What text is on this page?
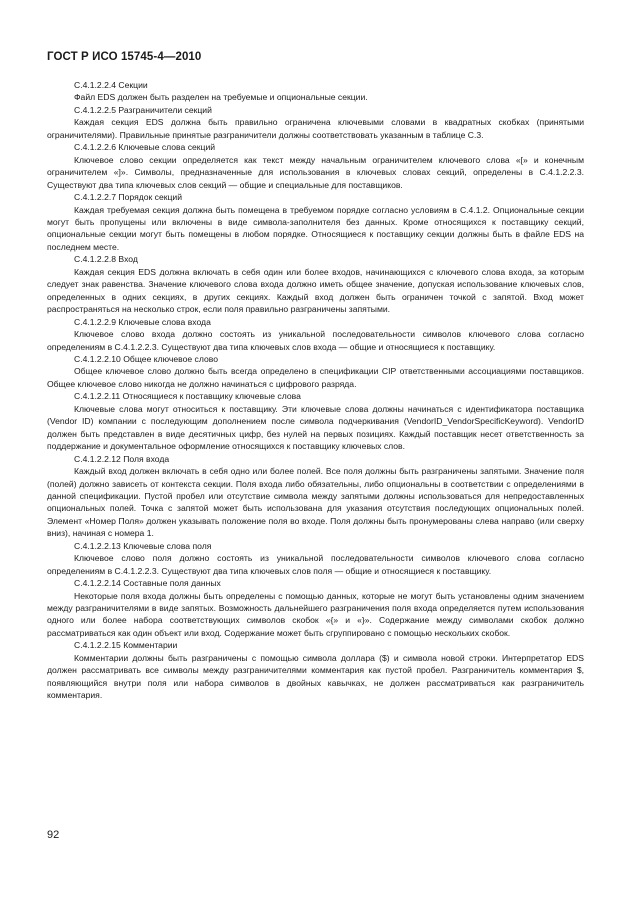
ГОСТ Р ИСО 15745-4—2010
C.4.1.2.2.4 Секции
Файл EDS должен быть разделен на требуемые и опциональные секции.
C.4.1.2.2.5 Разграничители секций
Каждая секция EDS должна быть правильно ограничена ключевыми словами в квадратных скобках (принятыми ограничителями). Правильные принятые разграничители должны соответствовать указанным в таблице C.3.
C.4.1.2.2.6 Ключевые слова секций
Ключевое слово секции определяется как текст между начальным ограничителем ключевого слова «[» и конечным ограничителем «]». Символы, предназначенные для использования в ключевых словах секций, определены в C.4.1.2.2.3. Существуют два типа ключевых слов секций — общие и специальные для поставщиков.
C.4.1.2.2.7 Порядок секций
Каждая требуемая секция должна быть помещена в требуемом порядке согласно условиям в C.4.1.2. Опциональные секции могут быть пропущены или включены в виде символа-заполнителя без данных. Кроме относящихся к поставщику секций, опциональные секции могут быть помещены в любом порядке. Относящиеся к поставщику секции должны быть в файле EDS на последнем месте.
C.4.1.2.2.8 Вход
Каждая секция EDS должна включать в себя один или более входов, начинающихся с ключевого слова входа, за которым следует знак равенства. Значение ключевого слова входа должно иметь общее значение, допуская использование ключевых слов, определенных в одних секциях, в других секциях. Каждый вход должен быть ограничен точкой с запятой. Вход может распространяться на несколько строк, если поля правильно разграничены запятыми.
C.4.1.2.2.9 Ключевые слова входа
Ключевое слово входа должно состоять из уникальной последовательности символов ключевого слова согласно определениям в C.4.1.2.2.3. Существуют два типа ключевых слов входа — общие и относящиеся к поставщику.
C.4.1.2.2.10 Общее ключевое слово
Общее ключевое слово должно быть всегда определено в спецификации CIP ответственными ассоциациями поставщиков. Общее ключевое слово никогда не должно начинаться с цифрового разряда.
C.4.1.2.2.11 Относящиеся к поставщику ключевые слова
Ключевые слова могут относиться к поставщику. Эти ключевые слова должны начинаться с идентификатора поставщика (Vendor ID) компании с последующим дополнением после символа подчеркивания (VendorID_VendorSpecificKeyword). VendorID должен быть представлен в виде десятичных цифр, без нулей на первых позициях. Каждый поставщик несет ответственность за поддержание и документальное оформление относящихся к поставщику ключевых слов.
C.4.1.2.2.12 Поля входа
Каждый вход должен включать в себя одно или более полей. Все поля должны быть разграничены запятыми. Значение поля (полей) должно зависеть от контекста секции. Поля входа либо обязательны, либо опциональны в соответствии с определениями в данной спецификации. Пустой пробел или отсутствие символа между запятыми должны использоваться для непредоставленных опциональных полей. Точка с запятой может быть использована для указания отсутствия последующих опциональных полей. Элемент «Номер Поля» должен указывать положение поля во входе. Поля должны быть пронумерованы слева направо (или сверху вниз), начиная с номера 1.
C.4.1.2.2.13 Ключевые слова поля
Ключевое слово поля должно состоять из уникальной последовательности символов ключевого слова согласно определениям в C.4.1.2.2.3. Существуют два типа ключевых слов поля — общие и относящиеся к поставщику.
C.4.1.2.2.14 Составные поля данных
Некоторые поля входа должны быть определены с помощью данных, которые не могут быть установлены одним значением между разграничителями в виде запятых. Возможность дальнейшего разграничения поля входа определяется путем использования одного или более набора соответствующих символов скобок «{» и «}». Содержание между символами скобок должно рассматриваться как один объект или вход. Содержание может быть сгруппировано с помощью нескольких скобок.
C.4.1.2.2.15 Комментарии
Комментарии должны быть разграничены с помощью символа доллара ($) и символа новой строки. Интерпретатор EDS должен рассматривать все символы между разграничителями комментария как пустой пробел. Разграничитель комментария $, появляющийся внутри поля или набора символов в двойных кавычках, не должен рассматриваться как разграничитель комментария.
92
